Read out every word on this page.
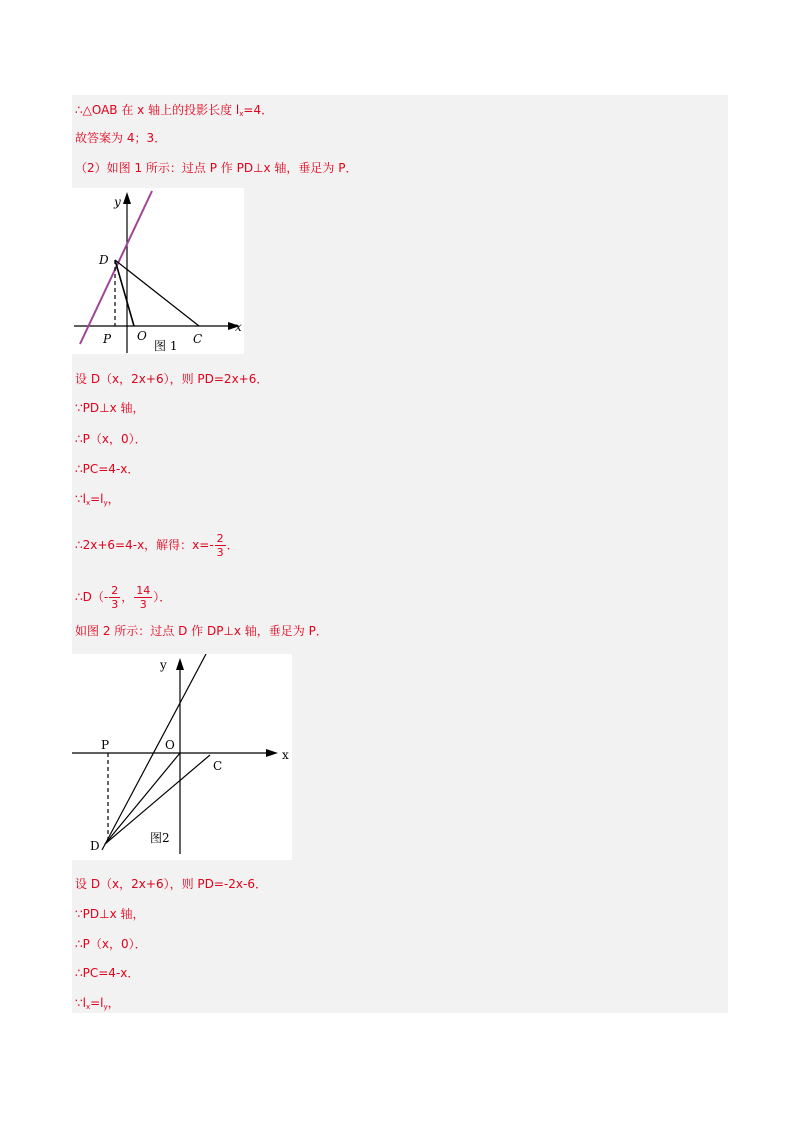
∴△OAB 在 x 轴上的投影长度 $l_x=4$．
故答案为 4；3．
（2）如图 1 所示：过点 P 作 PD⊥x 轴，垂足为 P．
y
x
D
P O	C
图 1
设 D（x，2x+6），则 PD=2x+6．
∵PD⊥x 轴，
∴P（x，0）．
∴PC=4-x．
$\because l_x=l_y$，
∴2x+6=4-x，解得：$x=- \frac{2}{3}$ ．
∴D（- $\frac{2}{3}$ ， $\frac{14}{3}$ ）．
如图 2 所示：过点 D 作 DP⊥x 轴，垂足为 P．
y
x
P	O
C
D
图2
设 D（x，2x+6），则 PD=-2x-6．
∵PD⊥x 轴，
∴P（x，0）．
∴PC=4-x．
$\because l_x=l_y$，
